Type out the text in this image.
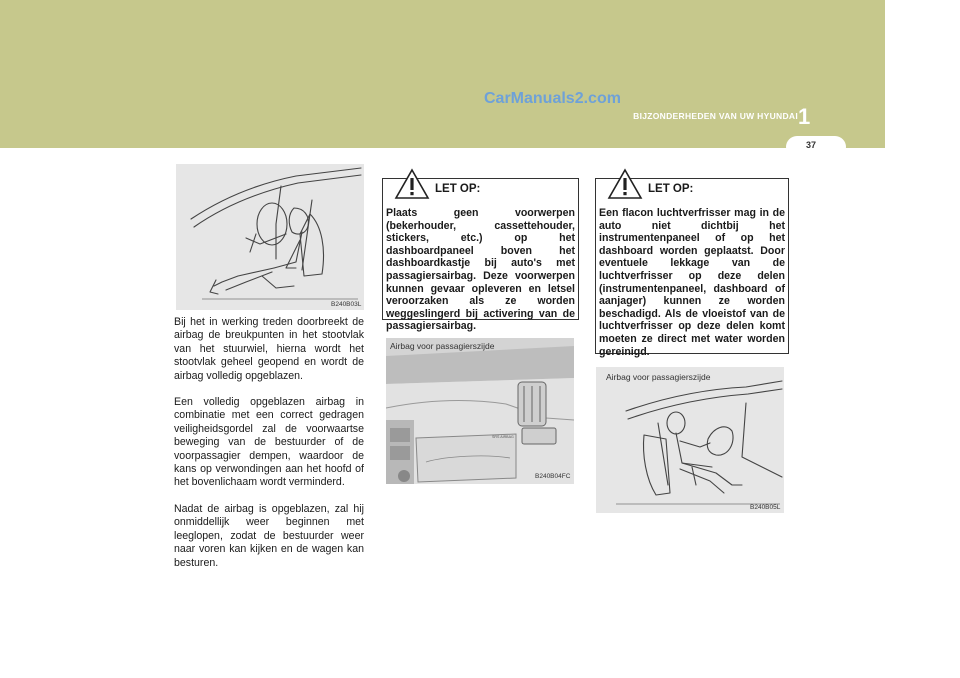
CarManuals2.com
BIJZONDERHEDEN VAN UW HYUNDAI 1
37
B240B03L

Bij het in werking treden doorbreekt de airbag de breukpunten in het stootvlak van het stuurwiel, hierna wordt het stootvlak geheel geopend en wordt de airbag volledig opgeblazen.

Een volledig opgeblazen airbag in combinatie met een correct gedragen veiligheidsgordel zal de voorwaartse beweging van de bestuurder of de voorpassagier dempen, waardoor de kans op verwondingen aan het hoofd of het bovenlichaam wordt verminderd.

Nadat de airbag is opgeblazen, zal hij onmiddellijk weer beginnen met leeglopen, zodat de bestuurder weer naar voren kan kijken en de wagen kan besturen.

LET OP:
Plaats geen voorwerpen (bekerhouder, cassettehouder, stickers, etc.) op het dashboardpaneel boven het dashboardkastje bij auto's met passagiersairbag. Deze voorwerpen kunnen gevaar opleveren en letsel veroorzaken als ze worden weggeslingerd bij activering van de passagiersairbag.
SRS AIRBAG
Airbag voor passagierszijde
B240B04FC
LET OP:
Een flacon luchtverfrisser mag in de auto niet dichtbij het instrumentenpaneel of op het dashboard worden geplaatst. Door eventuele lekkage van de luchtverfrisser op deze delen (instrumentenpaneel, dashboard of aanjager) kunnen ze worden beschadigd. Als de vloeistof van de luchtverfrisser op deze delen komt moeten ze direct met water worden gereinigd.
Airbag voor passagierszijde
B240B05L
